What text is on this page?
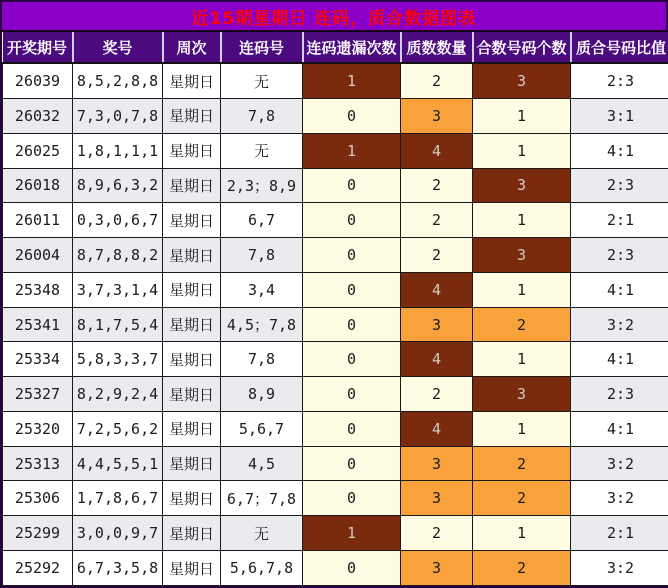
近15期星期日 连码，质合数据图表
开奖期号	奖号	周次	连码号	连码遗漏次数	质数数量	合数号码个数	质合号码比值
26039	8,5,2,8,8	星期日	无	1	2	3	2:3
26032	7,3,0,7,8	星期日	7,8	0	3	1	3:1
26025	1,8,1,1,1	星期日	无	1	4	1	4:1
26018	8,9,6,3,2	星期日	2,3；8,9	0	2	3	2:3
26011	0,3,0,6,7	星期日	6,7	0	2	1	2:1
26004	8,7,8,8,2	星期日	7,8	0	2	3	2:3
25348	3,7,3,1,4	星期日	3,4	0	4	1	4:1
25341	8,1,7,5,4	星期日	4,5；7,8	0	3	2	3:2
25334	5,8,3,3,7	星期日	7,8	0	4	1	4:1
25327	8,2,9,2,4	星期日	8,9	0	2	3	2:3
25320	7,2,5,6,2	星期日	5,6,7	0	4	1	4:1
25313	4,4,5,5,1	星期日	4,5	0	3	2	3:2
25306	1,7,8,6,7	星期日	6,7；7,8	0	3	2	3:2
25299	3,0,0,9,7	星期日	无	1	2	1	2:1
25292	6,7,3,5,8	星期日	5,6,7,8	0	3	2	3:2
